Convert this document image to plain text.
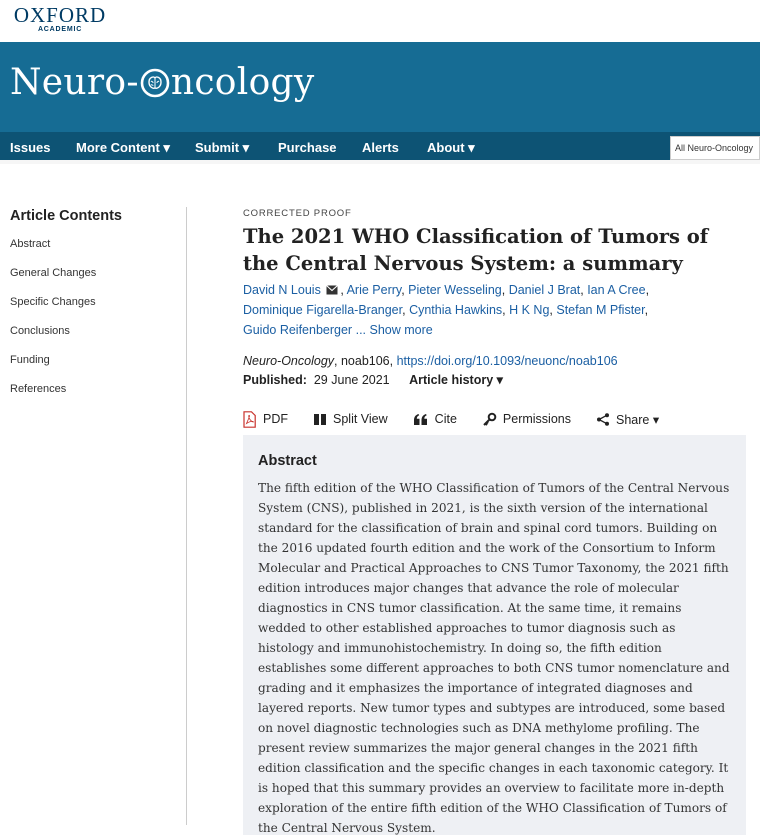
OXFORD
ACADEMIC
Neuro- ncology
Issues More Content ▾ Submit ▾ Purchase Alerts About ▾	All Neuro-Oncology
Article Contents
Abstract
General Changes
Specific Changes
Conclusions
Funding
References
CORRECTED PROOF
The 2021 WHO Classification of Tumors of the Central Nervous System: a summary
David N Louis , Arie Perry, Pieter Wesseling, Daniel J Brat, Ian A Cree,
Dominique Figarella-Branger, Cynthia Hawkins, H K Ng, Stefan M Pfister,
Guido Reifenberger ... Show more
Neuro-Oncology, noab106, https://doi.org/10.1093/neuonc/noab106
Published: 29 June 2021 Article history ▾
PDF	Split View	Cite	Permissions	Share ▾
Abstract

The fifth edition of the WHO Classification of Tumors of the Central Nervous System (CNS), published in 2021, is the sixth version of the international standard for the classification of brain and spinal cord tumors. Building on the 2016 updated fourth edition and the work of the Consortium to Inform Molecular and Practical Approaches to CNS Tumor Taxonomy, the 2021 fifth edition introduces major changes that advance the role of molecular diagnostics in CNS tumor classification. At the same time, it remains wedded to other established approaches to tumor diagnosis such as histology and immunohistochemistry. In doing so, the fifth edition establishes some different approaches to both CNS tumor nomenclature and grading and it emphasizes the importance of integrated diagnoses and layered reports. New tumor types and subtypes are introduced, some based on novel diagnostic technologies such as DNA methylome profiling. The present review summarizes the major general changes in the 2021 fifth edition classification and the specific changes in each taxonomic category. It is hoped that this summary provides an overview to facilitate more in-depth exploration of the entire fifth edition of the WHO Classification of Tumors of the Central Nervous System.
